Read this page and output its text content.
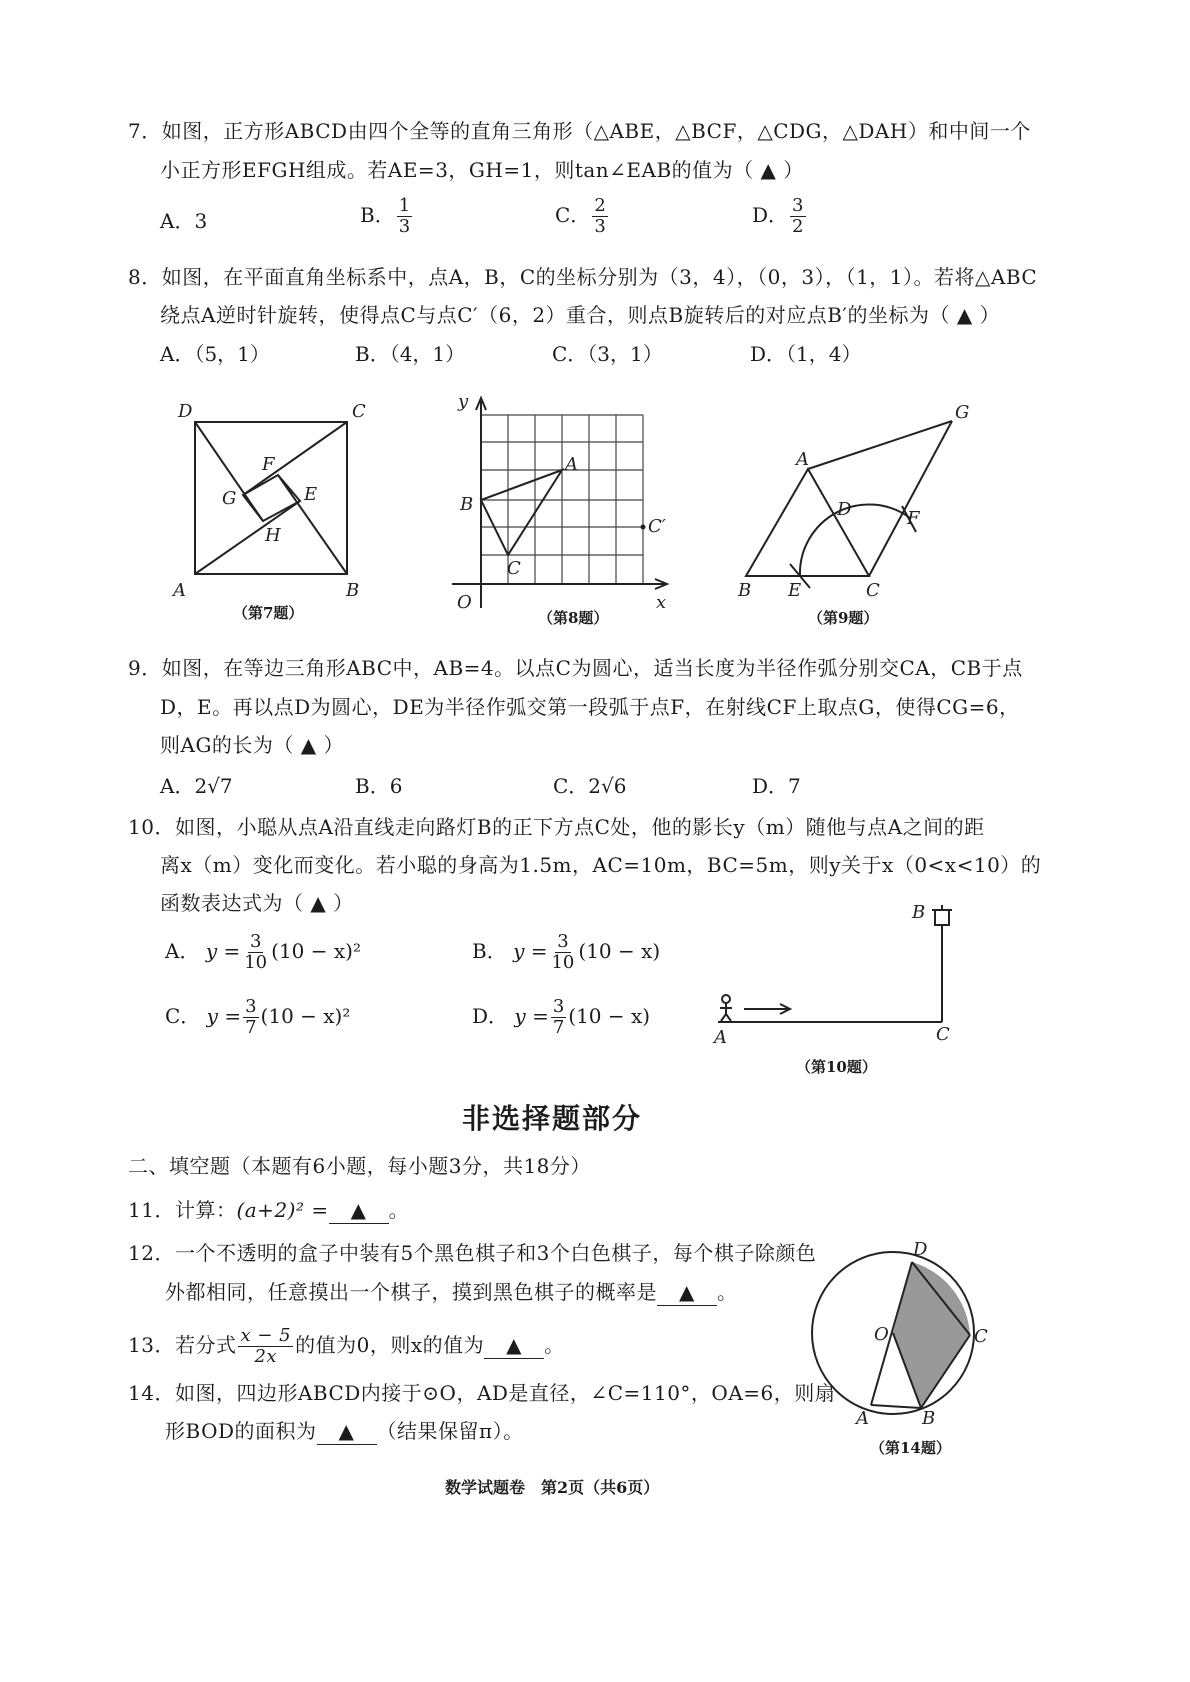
7．如图，正方形ABCD由四个全等的直角三角形（△ABE，△BCF，△CDG，△DAH）和中间一个
小正方形EFGH组成。若AE=3，GH=1，则tan∠EAB的值为（ ▲ ）
A．3	B． $\frac{1}{3}$	C． $\frac{2}{3}$	D． $\frac{3}{2}$
8．如图，在平面直角坐标系中，点A，B，C的坐标分别为（3，4），（0，3），（1，1）。若将△ABC
绕点A逆时针旋转，使得点C与点C′（6，2）重合，则点B旋转后的对应点B′的坐标为（ ▲ ）
A．（5，1）	B．（4，1）	C．（3，1）	D．（1，4）
D	C
A	B
F
G	E
H
（第7题）
y
x
O
A
B
C
C′
（第8题）
A
B	C
D
E
F
G
（第9题）
9．如图，在等边三角形ABC中，AB=4。以点C为圆心，适当长度为半径作弧分别交CA，CB于点
D，E。再以点D为圆心，DE为半径作弧交第一段弧于点F，在射线CF上取点G，使得CG=6，
则AG的长为（ ▲ ）
A．2√7	B．6	C．2√6	D．7
10．如图，小聪从点A沿直线走向路灯B的正下方点C处，他的影长y（m）随他与点A之间的距
离x（m）变化而变化。若小聪的身高为1.5m，AC=10m，BC=5m，则y关于x（0<x<10）的
函数表达式为（ ▲ ）
A． $y = \frac{3}{10} (10 - x)^2$	B． $y = \frac{3}{10} (10 - x)$
C． $y = \frac{3}{7} (10 - x)^2$	D． $y = \frac{3}{7} (10 - x)$
A
B
C
（第10题）
非选择题部分
二、填空题（本题有6小题，每小题3分，共18分）
11．计算：(a+2)² = ▲ 。
12．一个不透明的盒子中装有5个黑色棋子和3个白色棋子，每个棋子除颜色
外都相同，任意摸出一个棋子，摸到黑色棋子的概率是 ▲ 。
13．若分式 $\frac{x - 5}{2x}$ 的值为0，则x的值为 ▲ 。
14．如图，四边形ABCD内接于⊙O，AD是直径，∠C=110°，OA=6，则扇
形BOD的面积为 ▲ （结果保留π）。
D
O	C
A	B
（第14题）
数学试题卷　第2页（共6页）
